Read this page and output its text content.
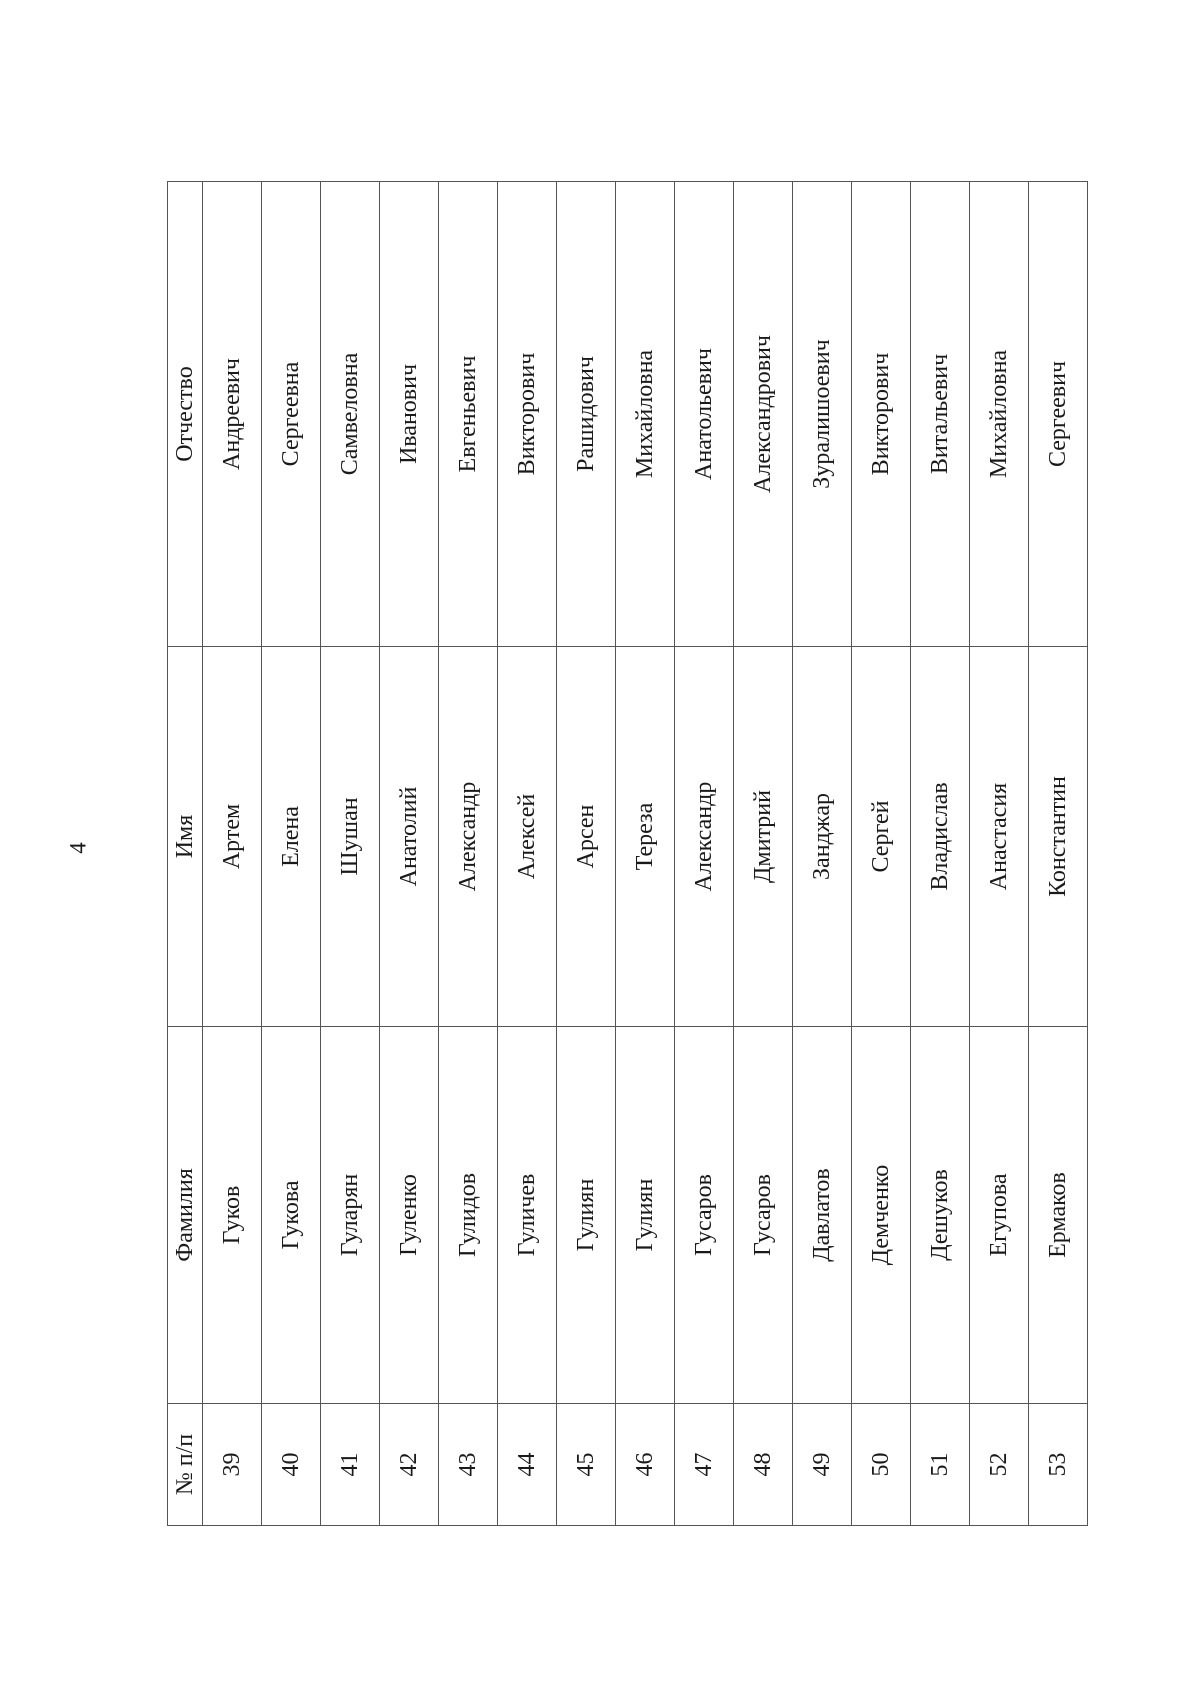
4
№ п/п	Фамилия	Имя	Отчество
39	Гуков	Артем	Андреевич
40	Гукова	Елена	Сергеевна
41	Гуларян	Шушан	Самвеловна
42	Гуленко	Анатолий	Иванович
43	Гулидов	Александр	Евгеньевич
44	Гуличев	Алексей	Викторович
45	Гулиян	Арсен	Рашидович
46	Гулиян	Тереза	Михайловна
47	Гусаров	Александр	Анатольевич
48	Гусаров	Дмитрий	Александрович
49	Давлатов	Занджар	Зуралишоевич
50	Демченко	Сергей	Викторович
51	Дешуков	Владислав	Витальевич
52	Егупова	Анастасия	Михайловна
53	Ермаков	Константин	Сергеевич
